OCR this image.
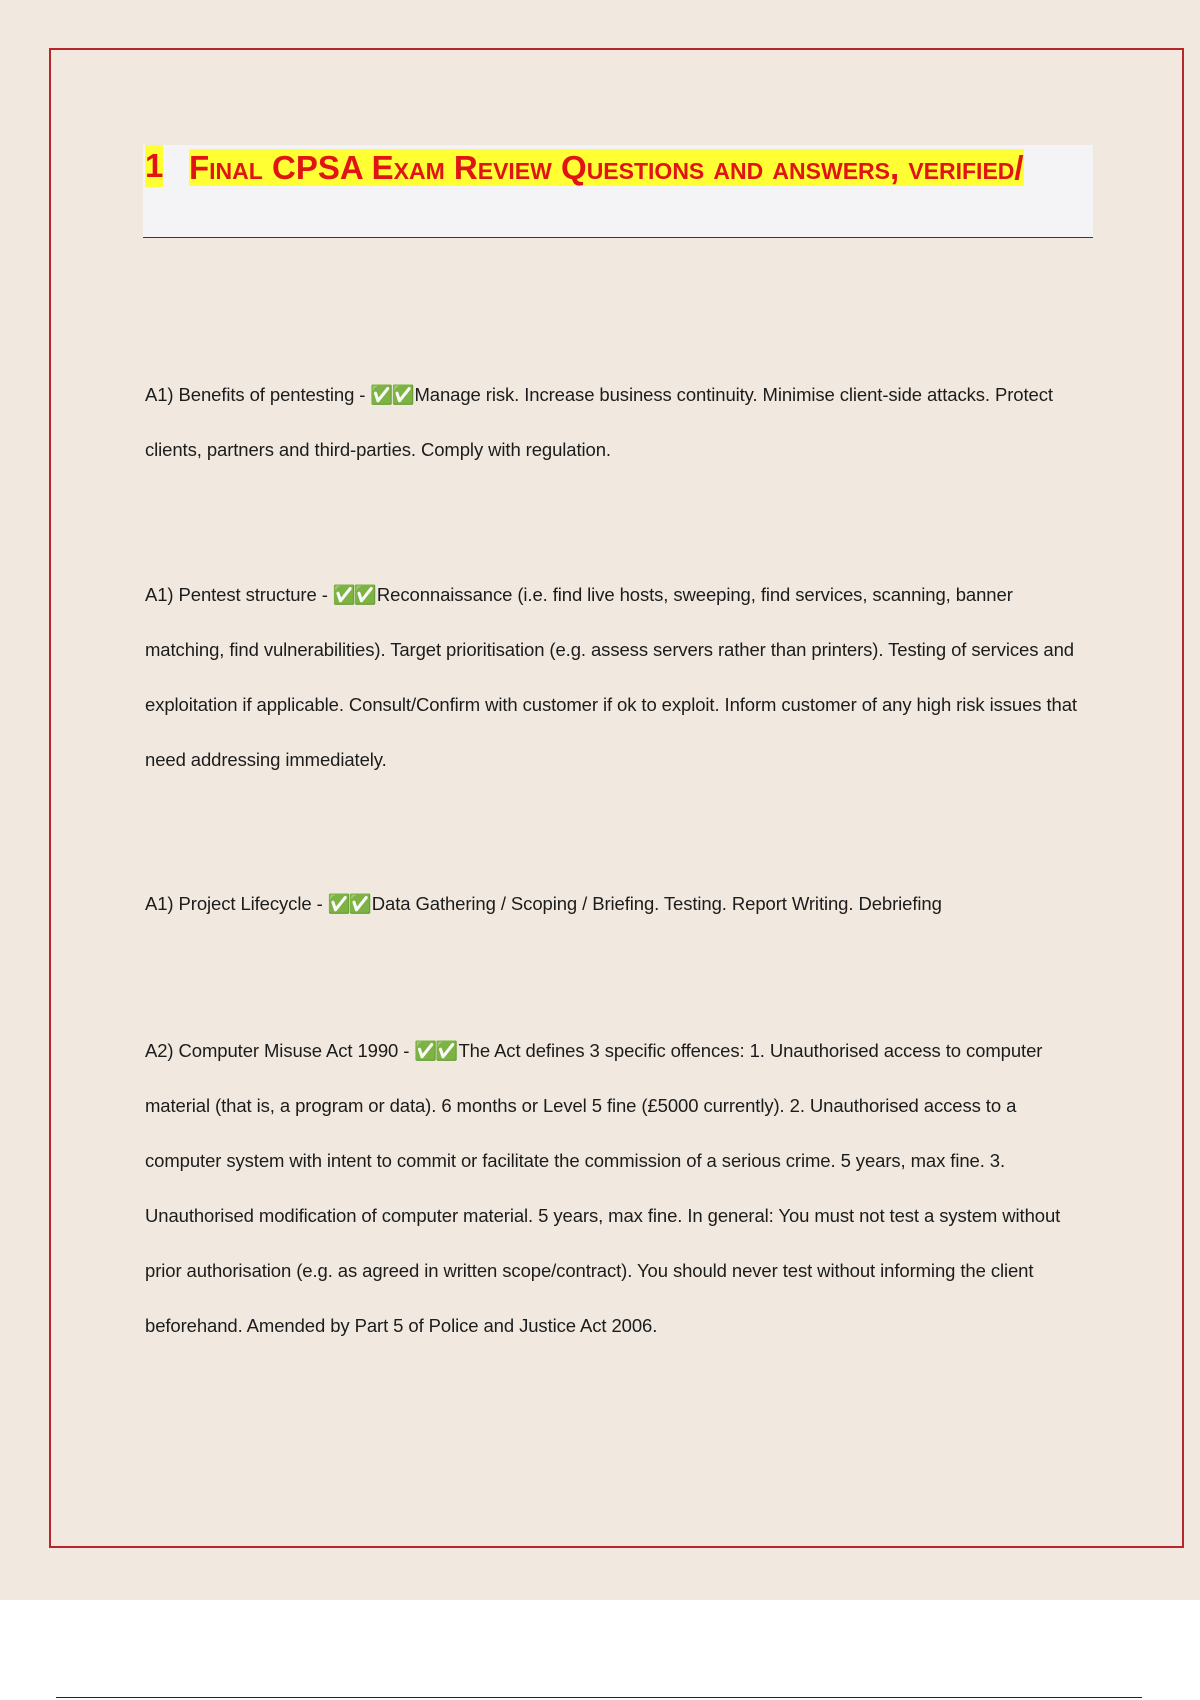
1 Final CPSA Exam Review Questions and answers, verified/

A1) Benefits of pentesting - ✅✅ Manage risk. Increase business continuity. Minimise client-side attacks. Protect clients, partners and third-parties. Comply with regulation.

A1) Pentest structure - ✅✅ Reconnaissance (i.e. find live hosts, sweeping, find services, scanning, banner matching, find vulnerabilities). Target prioritisation (e.g. assess servers rather than printers). Testing of services and exploitation if applicable. Consult/Confirm with customer if ok to exploit. Inform customer of any high risk issues that need addressing immediately.

A1) Project Lifecycle - ✅✅ Data Gathering / Scoping / Briefing. Testing. Report Writing. Debriefing

A2) Computer Misuse Act 1990 - ✅✅ The Act defines 3 specific offences: 1. Unauthorised access to computer material (that is, a program or data). 6 months or Level 5 fine (£5000 currently). 2. Unauthorised access to a computer system with intent to commit or facilitate the commission of a serious crime. 5 years, max fine. 3. Unauthorised modification of computer material. 5 years, max fine. In general: You must not test a system without prior authorisation (e.g. as agreed in written scope/contract). You should never test without informing the client beforehand. Amended by Part 5 of Police and Justice Act 2006.
